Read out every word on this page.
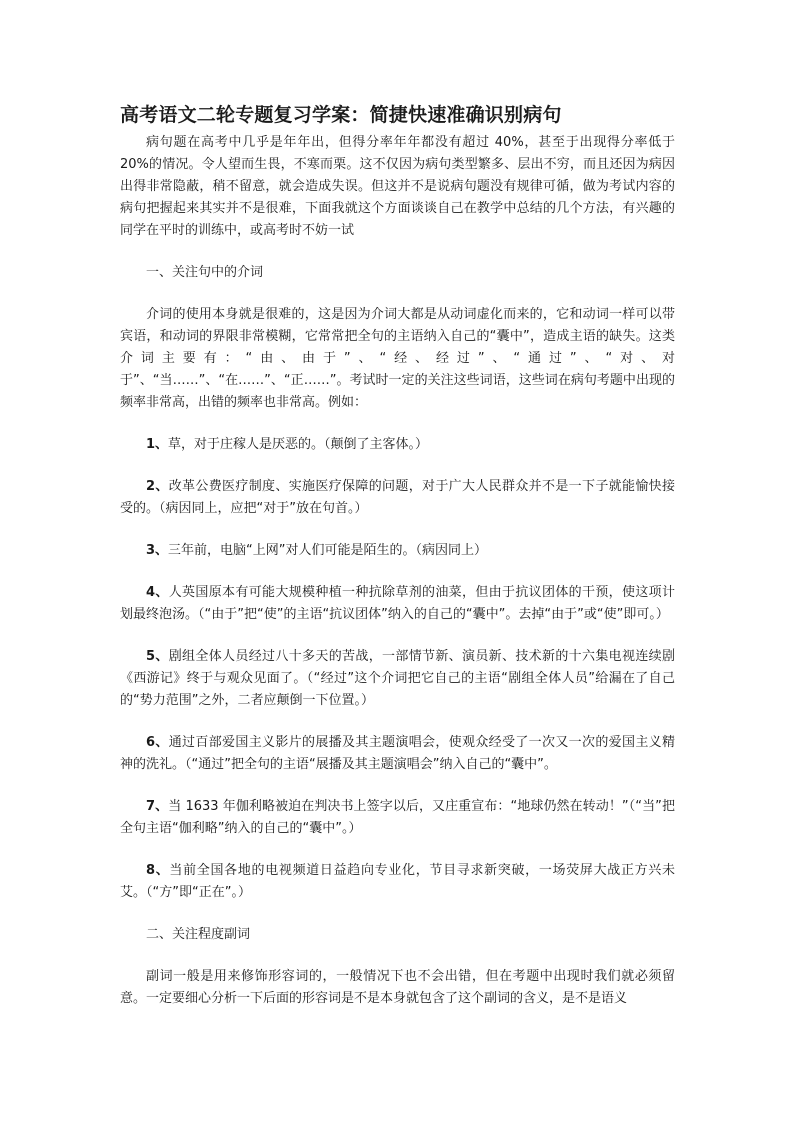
高考语文二轮专题复习学案：简捷快速准确识别病句

病句题在高考中几乎是年年出，但得分率年年都没有超过 40%，甚至于出现得分率低于20%的情况。令人望而生畏，不寒而栗。这不仅因为病句类型繁多、层出不穷，而且还因为病因出得非常隐蔽，稍不留意，就会造成失误。但这并不是说病句题没有规律可循，做为考试内容的病句把握起来其实并不是很难，下面我就这个方面谈谈自己在教学中总结的几个方法，有兴趣的同学在平时的训练中，或高考时不妨一试

一、关注句中的介词

介词的使用本身就是很难的，这是因为介词大都是从动词虚化而来的，它和动词一样可以带宾语，和动词的界限非常模糊，它常常把全句的主语纳入自己的“囊中”，造成主语的缺失。这类介词主要有：“由、由于”、“经、经过”、“通过”、“对、对于”、“当……”、“在……”、“正……”。考试时一定的关注这些词语，这些词在病句考题中出现的频率非常高，出错的频率也非常高。例如：

1、草，对于庄稼人是厌恶的。（颠倒了主客体。）

2、改革公费医疗制度、实施医疗保障的问题，对于广大人民群众并不是一下子就能愉快接受的。（病因同上，应把“对于”放在句首。）

3、三年前，电脑“上网”对人们可能是陌生的。（病因同上）

4、人英国原本有可能大规模种植一种抗除草剂的油菜，但由于抗议团体的干预，使这项计划最终泡汤。（“由于”把“使”的主语“抗议团体”纳入的自己的“囊中”。去掉“由于”或“使”即可。）

5、剧组全体人员经过八十多天的苦战，一部情节新、演员新、技术新的十六集电视连续剧《西游记》终于与观众见面了。（“经过”这个介词把它自己的主语“剧组全体人员”给漏在了自己的“势力范围”之外，二者应颠倒一下位置。）

6、通过百部爱国主义影片的展播及其主题演唱会，使观众经受了一次又一次的爱国主义精神的洗礼。（“通过”把全句的主语“展播及其主题演唱会”纳入自己的“囊中”。

7、当 1633 年伽利略被迫在判决书上签字以后，又庄重宣布：“地球仍然在转动！”（“当”把全句主语“伽利略”纳入的自己的“囊中”。）

8、当前全国各地的电视频道日益趋向专业化，节目寻求新突破，一场荧屏大战正方兴未艾。（“方”即“正在”。）

二、关注程度副词

副词一般是用来修饰形容词的，一般情况下也不会出错，但在考题中出现时我们就必须留意。一定要细心分析一下后面的形容词是不是本身就包含了这个副词的含义，是不是语义
